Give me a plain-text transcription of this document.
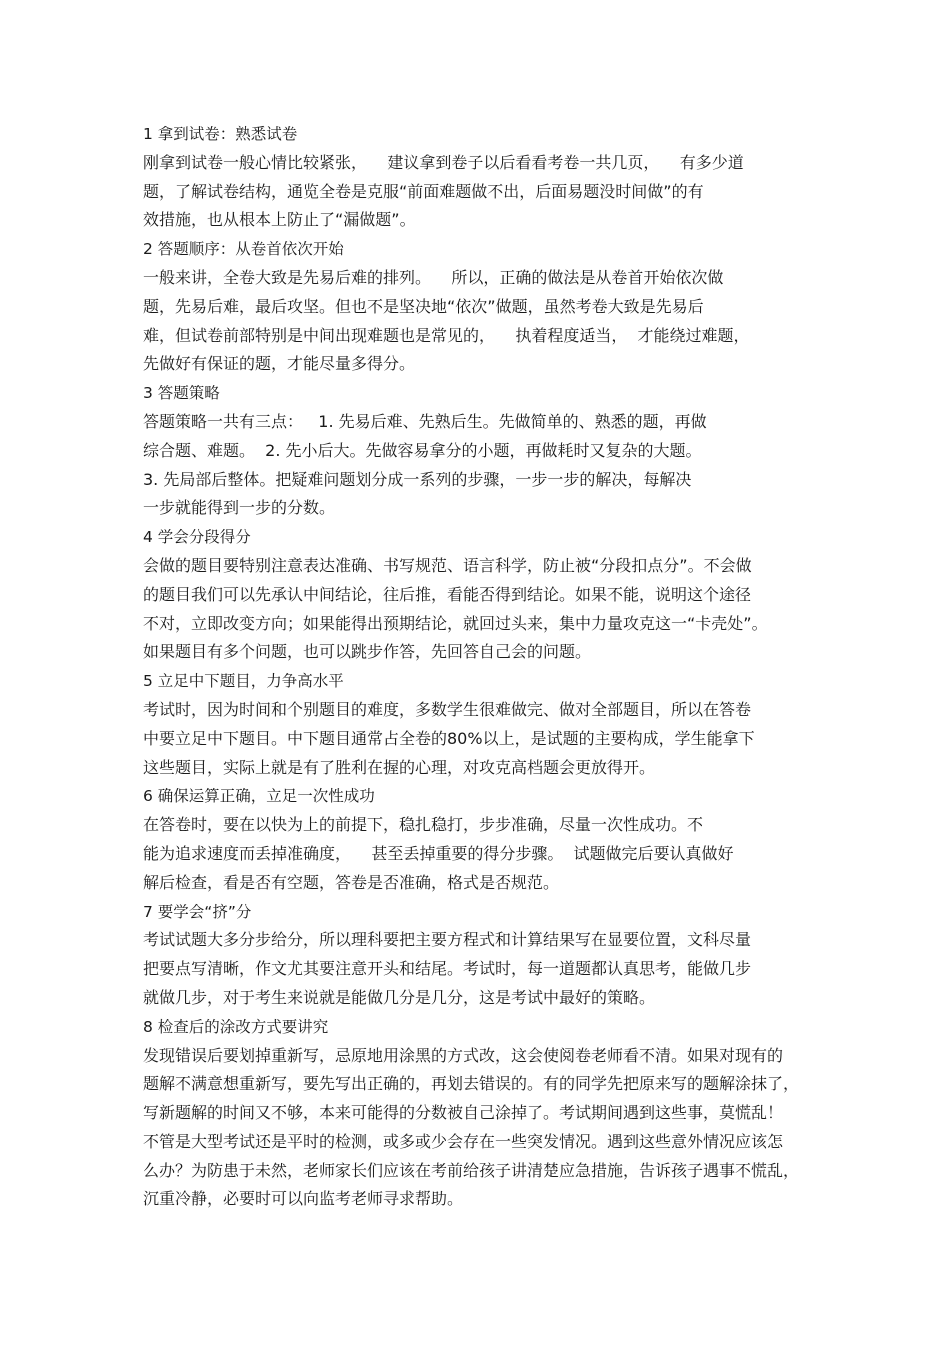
1 拿到试卷：熟悉试卷
刚拿到试卷一般心情比较紧张，    建议拿到卷子以后看看考卷一共几页，    有多少道
题，了解试卷结构，通览全卷是克服“前面难题做不出，后面易题没时间做”的有
效措施，也从根本上防止了“漏做题”。
2 答题顺序：从卷首依次开始
一般来讲，全卷大致是先易后难的排列。    所以，正确的做法是从卷首开始依次做
题，先易后难，最后攻坚。但也不是坚决地“依次”做题，虽然考卷大致是先易后
难，但试卷前部特别是中间出现难题也是常见的，    执着程度适当，  才能绕过难题，
先做好有保证的题，才能尽量多得分。
3 答题策略
答题策略一共有三点：   1. 先易后难、先熟后生。先做简单的、熟悉的题，再做
综合题、难题。  2. 先小后大。先做容易拿分的小题，再做耗时又复杂的大题。
3. 先局部后整体。把疑难问题划分成一系列的步骤，一步一步的解决，每解决
一步就能得到一步的分数。
4 学会分段得分
会做的题目要特别注意表达准确、书写规范、语言科学，防止被“分段扣点分”。不会做
的题目我们可以先承认中间结论，往后推，看能否得到结论。如果不能，说明这个途径
不对，立即改变方向；如果能得出预期结论，就回过头来，集中力量攻克这一“卡壳处”。
如果题目有多个问题，也可以跳步作答，先回答自己会的问题。
5 立足中下题目，力争高水平
考试时，因为时间和个别题目的难度，多数学生很难做完、做对全部题目，所以在答卷
中要立足中下题目。中下题目通常占全卷的80%以上，是试题的主要构成，学生能拿下
这些题目，实际上就是有了胜利在握的心理，对攻克高档题会更放得开。
6 确保运算正确，立足一次性成功
在答卷时，要在以快为上的前提下，稳扎稳打，步步准确，尽量一次性成功。不
能为追求速度而丢掉准确度，    甚至丢掉重要的得分步骤。  试题做完后要认真做好
解后检查，看是否有空题，答卷是否准确，格式是否规范。
7 要学会“挤”分
考试试题大多分步给分，所以理科要把主要方程式和计算结果写在显要位置，文科尽量
把要点写清晰，作文尤其要注意开头和结尾。考试时，每一道题都认真思考，能做几步
就做几步，对于考生来说就是能做几分是几分，这是考试中最好的策略。
8 检查后的涂改方式要讲究
发现错误后要划掉重新写，忌原地用涂黑的方式改，这会使阅卷老师看不清。如果对现有的
题解不满意想重新写，要先写出正确的，再划去错误的。有的同学先把原来写的题解涂抹了，
写新题解的时间又不够，本来可能得的分数被自己涂掉了。考试期间遇到这些事，莫慌乱！
不管是大型考试还是平时的检测，或多或少会存在一些突发情况。遇到这些意外情况应该怎
么办？为防患于未然，老师家长们应该在考前给孩子讲清楚应急措施，告诉孩子遇事不慌乱，
沉重冷静，必要时可以向监考老师寻求帮助。
